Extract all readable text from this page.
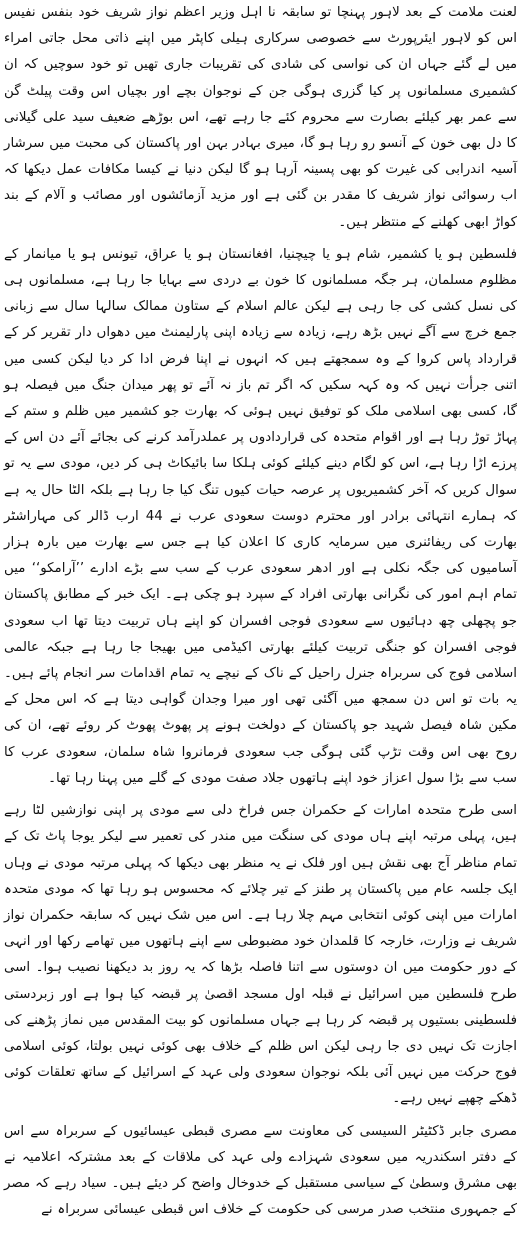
لعنت ملامت کے بعد لاہور پہنچا تو سابقہ نا اہل وزیر اعظم نواز شریف خود بنفس نفیس اس کو لاہور ایئرپورٹ سے خصوصی سرکاری ہیلی کاپٹر میں اپنے ذاتی محل جاتی امراء میں لے گئے جہاں ان کی نواسی کی شادی کی تقریبات جاری تھیں تو خود سوچیں کہ ان کشمیری مسلمانوں پر کیا گزری ہوگی جن کے نوجوان بچے اور بچیاں اس وقت پیلٹ گن سے عمر بھر کیلئے بصارت سے محروم کئے جا رہے تھے، اس بوڑھے ضعیف سید علی گیلانی کا دل بھی خون کے آنسو رو رہا ہو گا، میری بہادر بہن اور پاکستان کی محبت میں سرشار آسیہ اندرابی کی غیرت کو بھی پسینہ آرہا ہو گا لیکن دنیا نے کیسا مکافات عمل دیکھا کہ اب رسوائی نواز شریف کا مقدر بن گئی ہے اور مزید آزمائشوں اور مصائب و آلام کے بند کواڑ ابھی کھلنے کے منتظر ہیں۔

فلسطین ہو یا کشمیر، شام ہو یا چیچنیا، افغانستان ہو یا عراق، تیونس ہو یا میانمار کے مظلوم مسلمان، ہر جگہ مسلمانوں کا خون بے دردی سے بہایا جا رہا ہے، مسلمانوں ہی کی نسل کشی کی جا رہی ہے لیکن عالم اسلام کے ستاون ممالک سالہا سال سے زبانی جمع خرچ سے آگے نہیں بڑھ رہے، زیادہ سے زیادہ اپنی پارلیمنٹ میں دھواں دار تقریر کر کے قرارداد پاس کروا کے وہ سمجھتے ہیں کہ انہوں نے اپنا فرض ادا کر دیا لیکن کسی میں اتنی جرأت نہیں کہ وہ کہہ سکیں کہ اگر تم باز نہ آئے تو پھر میدان جنگ میں فیصلہ ہو گا، کسی بھی اسلامی ملک کو توفیق نہیں ہوئی کہ بھارت جو کشمیر میں ظلم و ستم کے پہاڑ توڑ رہا ہے اور اقوام متحدہ کی قراردادوں پر عملدرآمد کرنے کی بجائے آئے دن اس کے پرزے اڑا رہا ہے، اس کو لگام دینے کیلئے کوئی ہلکا سا بائیکاٹ ہی کر دیں، مودی سے یہ تو سوال کریں کہ آخر کشمیریوں پر عرصہ حیات کیوں تنگ کیا جا رہا ہے بلکہ الٹا حال یہ ہے کہ ہمارے انتہائی برادر اور محترم دوست سعودی عرب نے 44 ارب ڈالر کی مہاراشٹر بھارت کی ریفائنری میں سرمایہ کاری کا اعلان کیا ہے جس سے بھارت میں بارہ ہزار آسامیوں کی جگہ نکلی ہے اور ادھر سعودی عرب کے سب سے بڑے ادارے ’’آرامکو‘‘ میں تمام اہم امور کی نگرانی بھارتی افراد کے سپرد ہو چکی ہے۔ ایک خبر کے مطابق پاکستان جو پچھلی چھ دہائیوں سے سعودی فوجی افسران کو اپنے ہاں تربیت دیتا تھا اب سعودی فوجی افسران کو جنگی تربیت کیلئے بھارتی اکیڈمی میں بھیجا جا رہا ہے جبکہ عالمی اسلامی فوج کی سربراہ جنرل راحیل کے ناک کے نیچے یہ تمام اقدامات سر انجام پائے ہیں۔ یہ بات تو اس دن سمجھ میں آگئی تھی اور میرا وجدان گواہی دیتا ہے کہ اس محل کے مکین شاہ فیصل شہید جو پاکستان کے دولخت ہونے پر پھوٹ پھوٹ کر روئے تھے، ان کی روح بھی اس وقت تڑپ گئی ہوگی جب سعودی فرمانروا شاہ سلمان، سعودی عرب کا سب سے بڑا سول اعزاز خود اپنے ہاتھوں جلاد صفت مودی کے گلے میں پہنا رہا تھا۔

اسی طرح متحدہ امارات کے حکمران جس فراخ دلی سے مودی پر اپنی نوازشیں لٹا رہے ہیں، پہلی مرتبہ اپنے ہاں مودی کی سنگت میں مندر کی تعمیر سے لیکر یوجا پاٹ تک کے تمام مناظر آج بھی نقش ہیں اور فلک نے یہ منظر بھی دیکھا کہ پہلی مرتبہ مودی نے وہاں ایک جلسہ عام میں پاکستان پر طنز کے تیر چلائے کہ محسوس ہو رہا تھا کہ مودی متحدہ امارات میں اپنی کوئی انتخابی مہم چلا رہا ہے۔ اس میں شک نہیں کہ سابقہ حکمران نواز شریف نے وزارت، خارجہ کا قلمدان خود مضبوطی سے اپنے ہاتھوں میں تھامے رکھا اور انہی کے دور حکومت میں ان دوستوں سے اتنا فاصلہ بڑھا کہ یہ روز بد دیکھنا نصیب ہوا۔ اسی طرح فلسطین میں اسرائیل نے قبلہ اول مسجد اقصیٰ پر قبضہ کیا ہوا ہے اور زبردستی فلسطینی بستیوں پر قبضہ کر رہا ہے جہاں مسلمانوں کو بیت المقدس میں نماز پڑھنے کی اجازت تک نہیں دی جا رہی لیکن اس ظلم کے خلاف بھی کوئی نہیں بولتا، کوئی اسلامی فوج حرکت میں نہیں آئی بلکہ نوجوان سعودی ولی عہد کے اسرائیل کے ساتھ تعلقات کوئی ڈھکے چھپے نہیں رہے۔

مصری جابر ڈکٹیٹر السیسی کی معاونت سے مصری قبطی عیسائیوں کے سربراہ سے اس کے دفتر اسکندریہ میں سعودی شہزادے ولی عہد کی ملاقات کے بعد مشترکہ اعلامیہ نے بھی مشرق وسطیٰ کے سیاسی مستقبل کے خدوخال واضح کر دیئے ہیں۔ سیاد رہے کہ مصر کے جمہوری منتخب صدر مرسی کی حکومت کے خلاف اس قبطی عیسائی سربراہ نے
